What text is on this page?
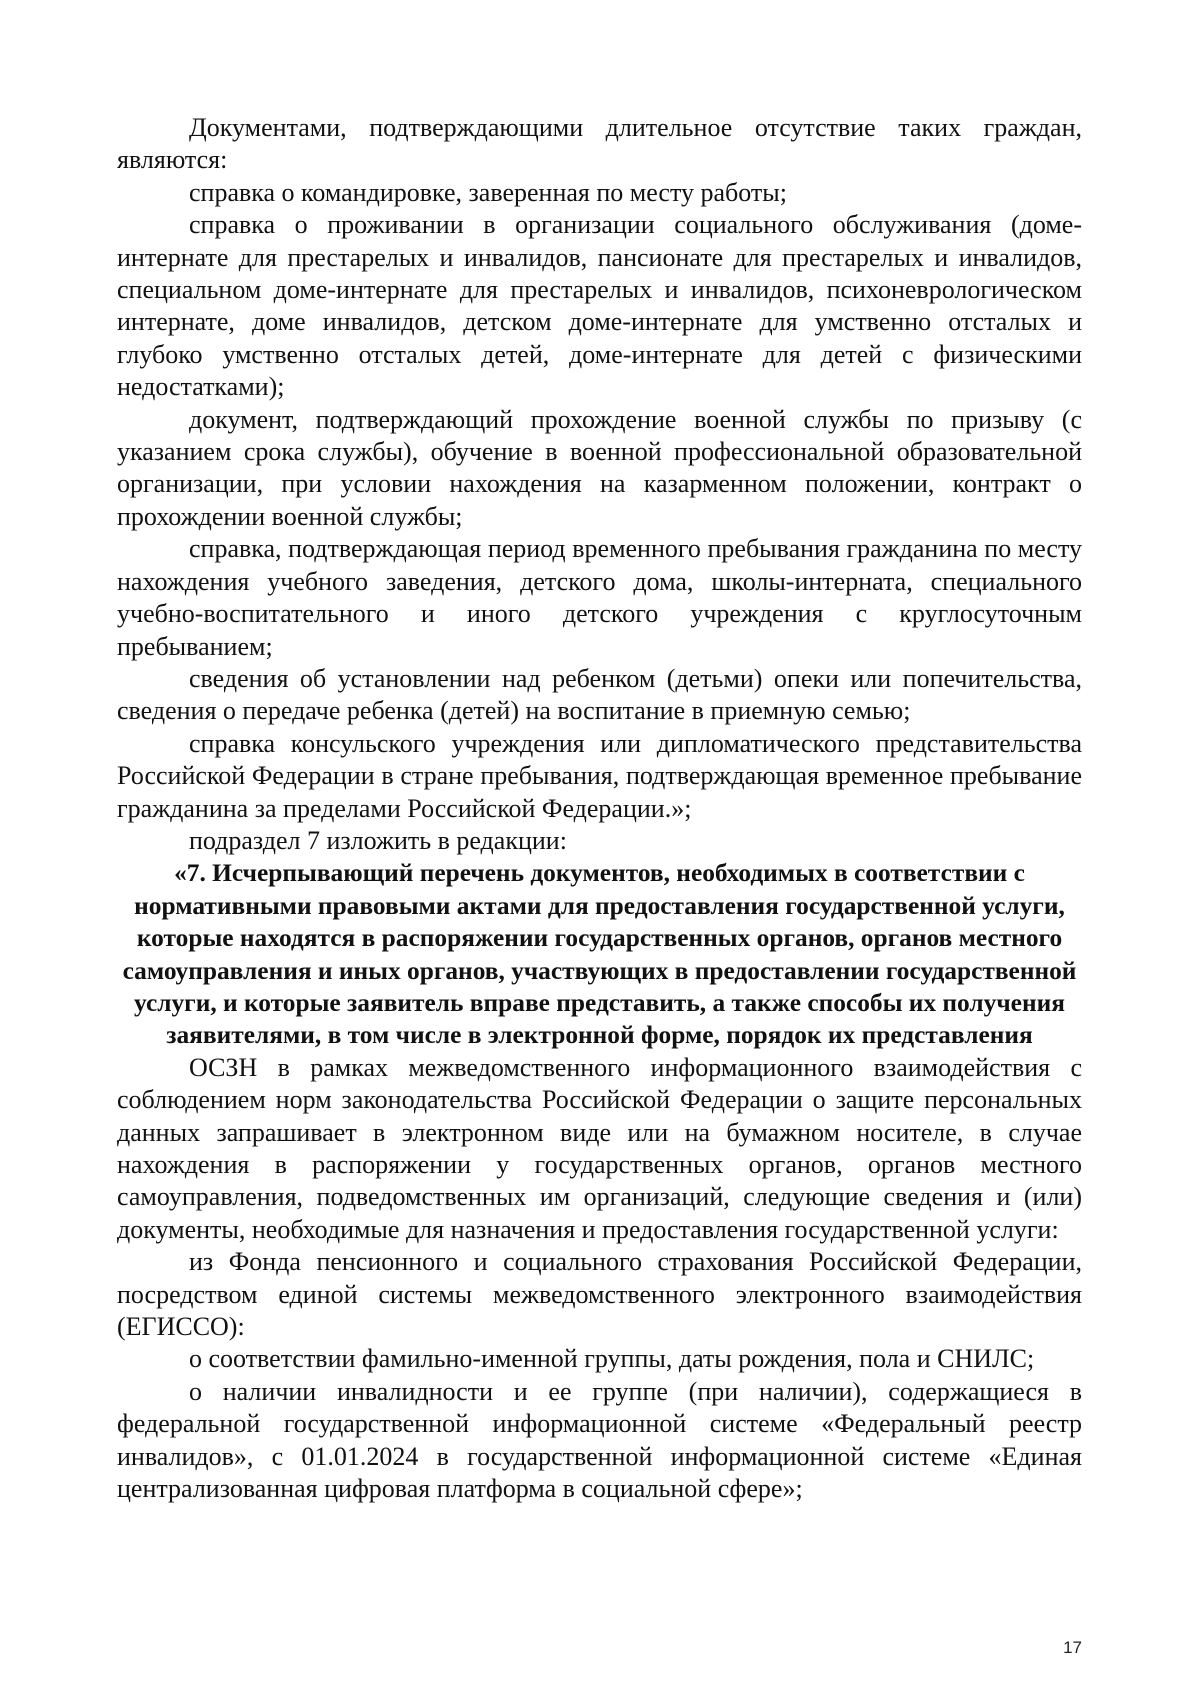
Документами, подтверждающими длительное отсутствие таких граждан, являются:

справка о командировке, заверенная по месту работы;

справка о проживании в организации социального обслуживания (доме-интернате для престарелых и инвалидов, пансионате для престарелых и инвалидов, специальном доме-интернате для престарелых и инвалидов, психоневрологическом интернате, доме инвалидов, детском доме-интернате для умственно отсталых и глубоко умственно отсталых детей, доме-интернате для детей с физическими недостатками);

документ, подтверждающий прохождение военной службы по призыву (с указанием срока службы), обучение в военной профессиональной образовательной организации, при условии нахождения на казарменном положении, контракт о прохождении военной службы;

справка, подтверждающая период временного пребывания гражданина по месту нахождения учебного заведения, детского дома, школы-интерната, специального учебно-воспитательного и иного детского учреждения с круглосуточным пребыванием;

сведения об установлении над ребенком (детьми) опеки или попечительства, сведения о передаче ребенка (детей) на воспитание в приемную семью;

справка консульского учреждения или дипломатического представительства Российской Федерации в стране пребывания, подтверждающая временное пребывание гражданина за пределами Российской Федерации.»;

подраздел 7 изложить в редакции:

«7. Исчерпывающий перечень документов, необходимых в соответствии с нормативными правовыми актами для предоставления государственной услуги, которые находятся в распоряжении государственных органов, органов местного самоуправления и иных органов, участвующих в предоставлении государственной услуги, и которые заявитель вправе представить, а также способы их получения заявителями, в том числе в электронной форме, порядок их представления

ОСЗН в рамках межведомственного информационного взаимодействия с соблюдением норм законодательства Российской Федерации о защите персональных данных запрашивает в электронном виде или на бумажном носителе, в случае нахождения в распоряжении у государственных органов, органов местного самоуправления, подведомственных им организаций, следующие сведения и (или) документы, необходимые для назначения и предоставления государственной услуги:

из Фонда пенсионного и социального страхования Российской Федерации, посредством единой системы межведомственного электронного взаимодействия (ЕГИССО):

о соответствии фамильно-именной группы, даты рождения, пола и СНИЛС;

о наличии инвалидности и ее группе (при наличии), содержащиеся в федеральной государственной информационной системе «Федеральный реестр инвалидов», с 01.01.2024 в государственной информационной системе «Единая централизованная цифровая платформа в социальной сфере»;

17
